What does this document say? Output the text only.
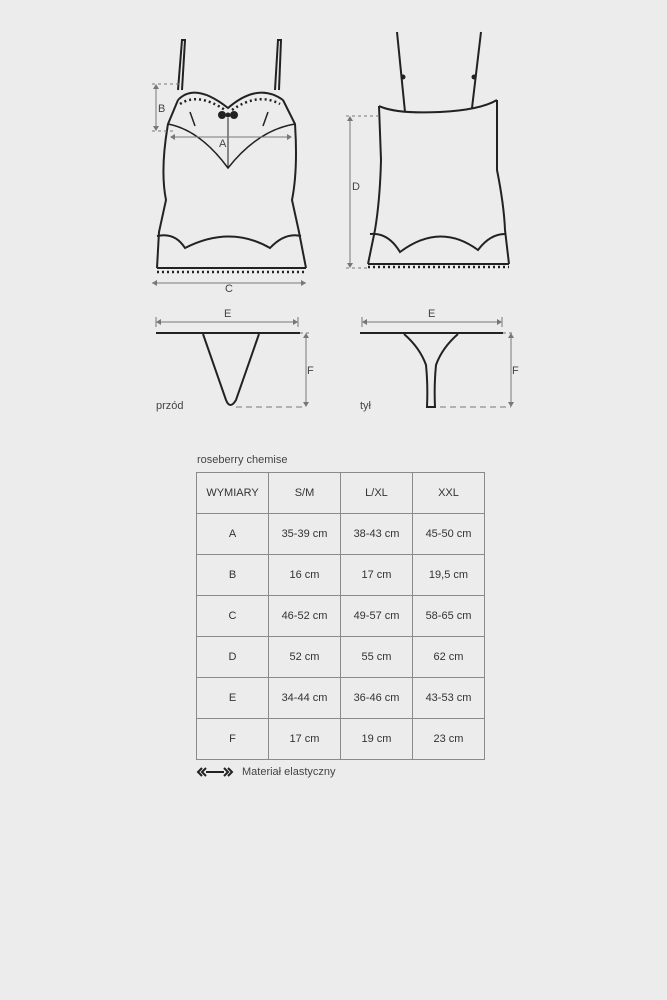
B
A
C
D
E
F
E
F
przód	tył
roseberry chemise
WYMIARY	S/M	L/XL	XXL
A	35-39 cm	38-43 cm	45-50 cm
B	16 cm	17 cm	19,5 cm
C	46-52 cm	49-57 cm	58-65 cm
D	52 cm	55 cm	62 cm
E	34-44 cm	36-46 cm	43-53 cm
F	17 cm	19 cm	23 cm
Materiał elastyczny
